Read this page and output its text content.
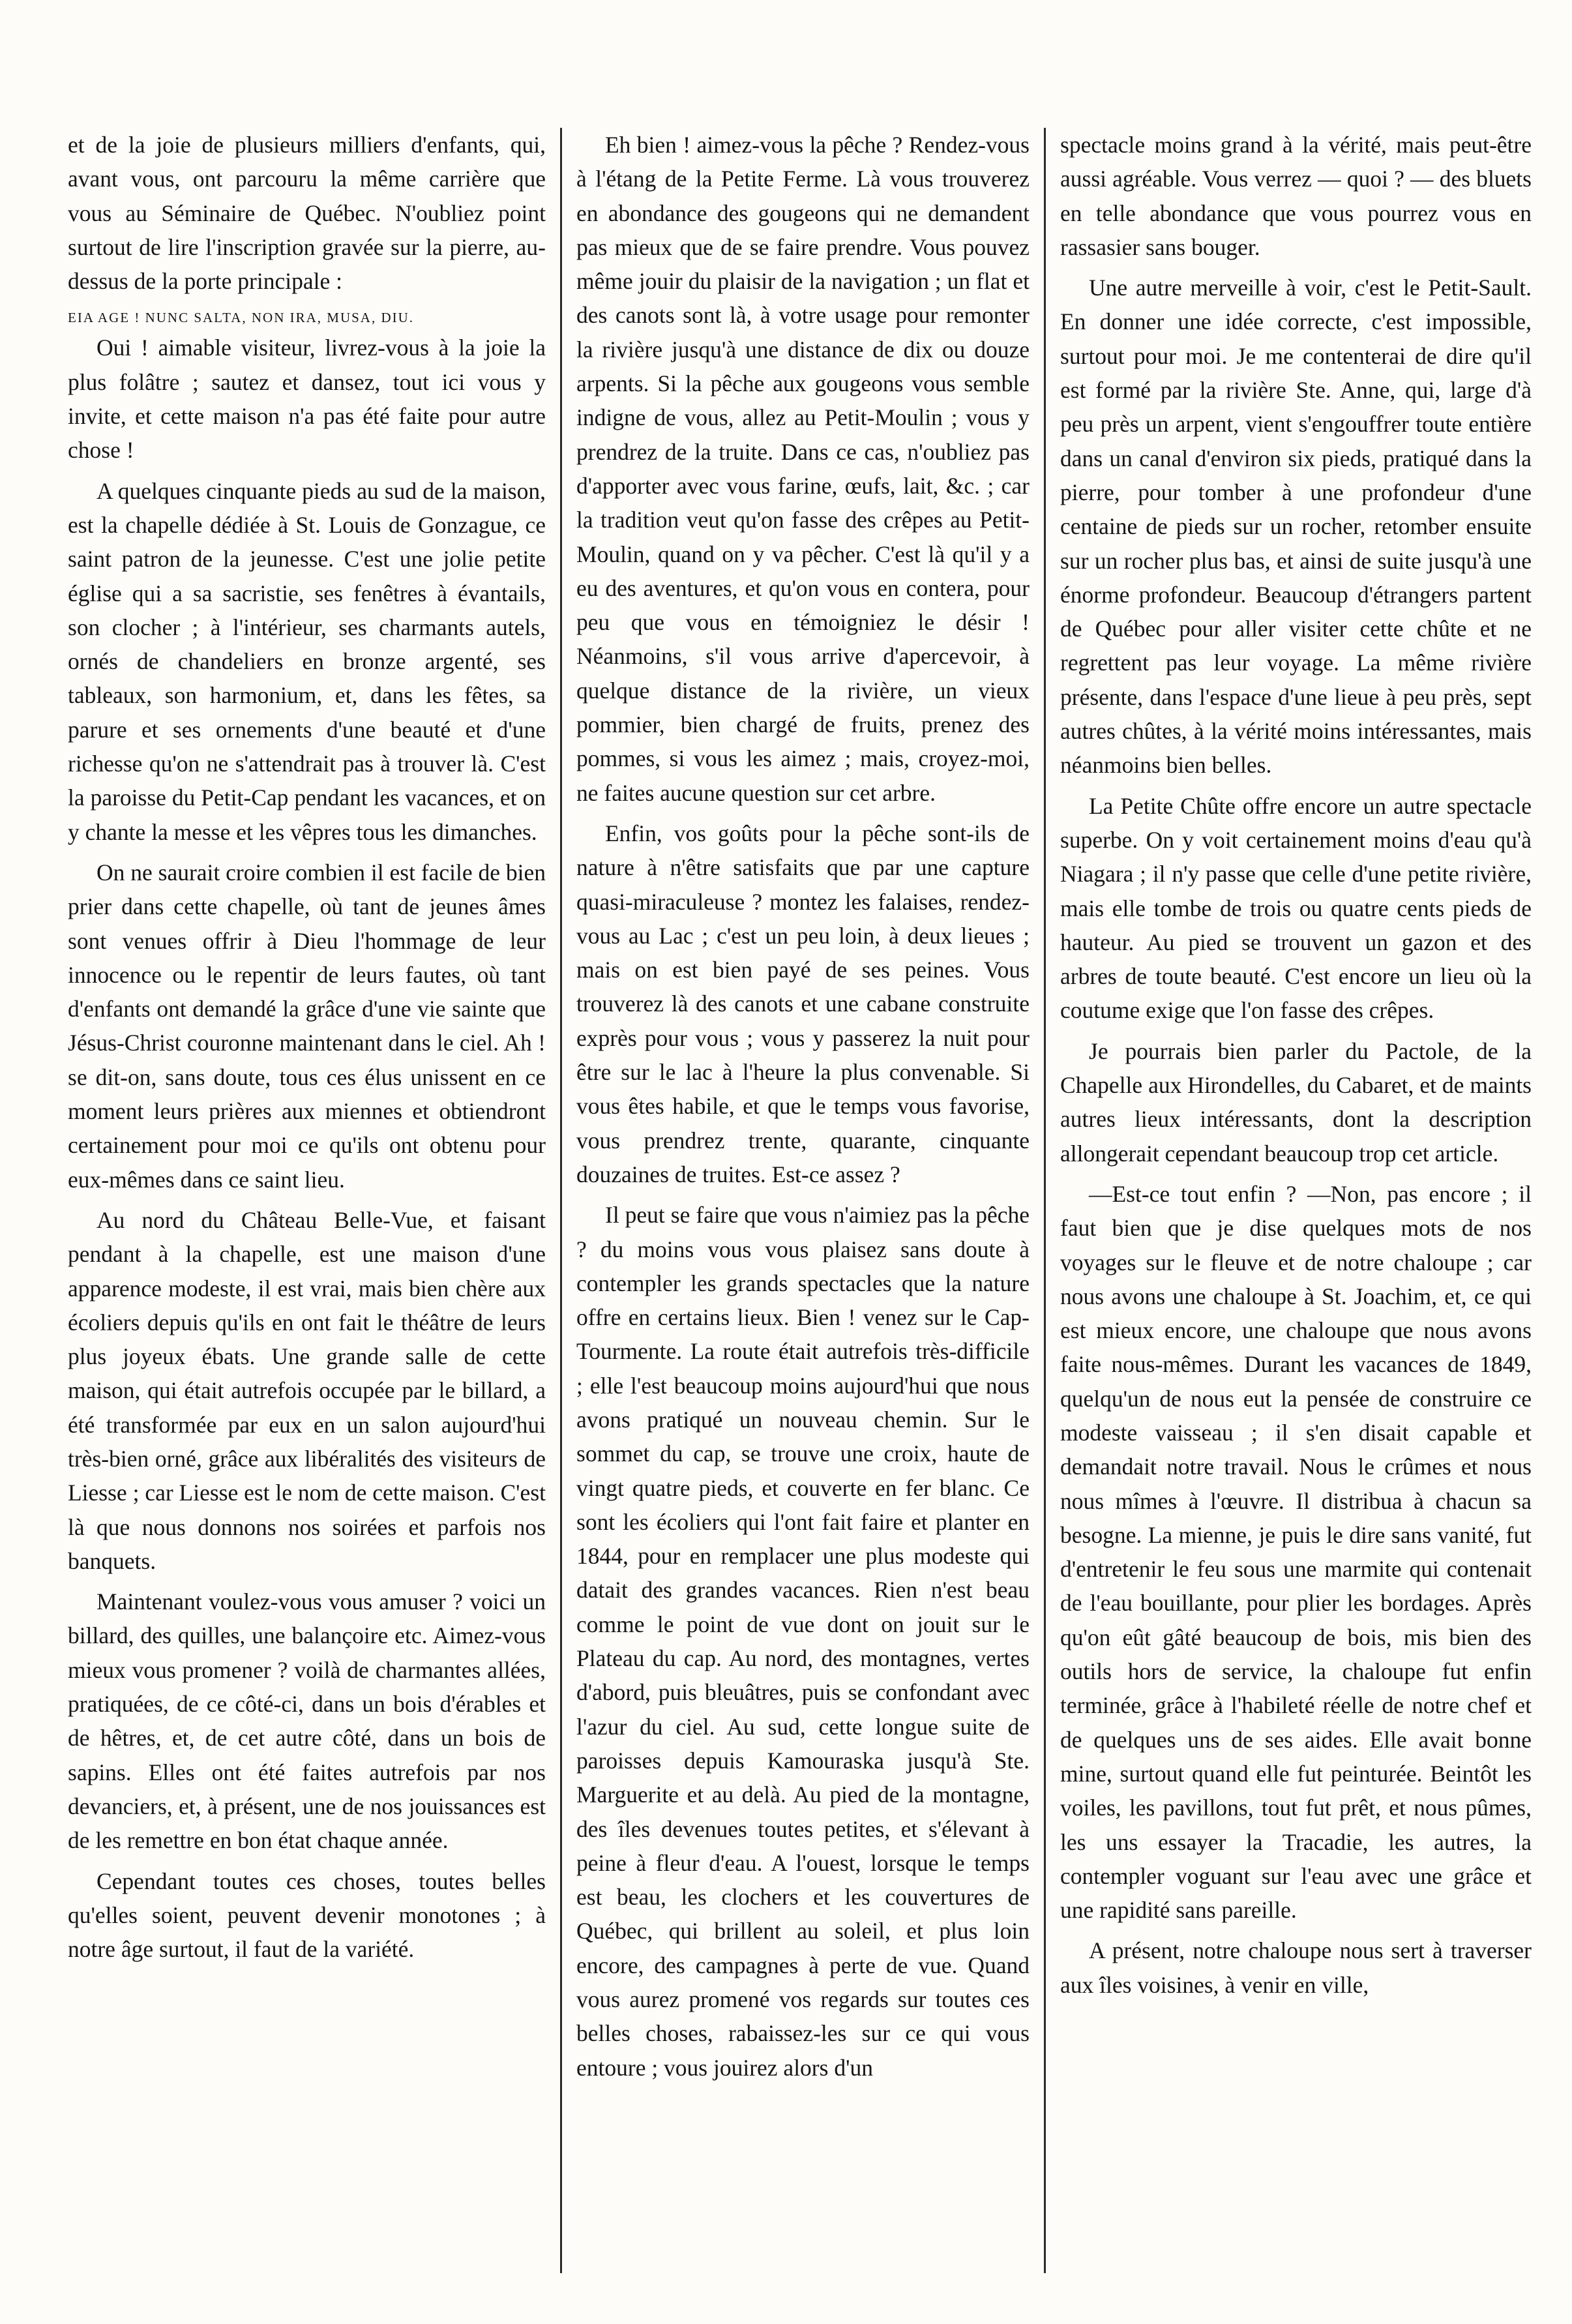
et de la joie de plusieurs milliers d'enfants, qui, avant vous, ont parcouru la même carrière que vous au Séminaire de Québec. N'oubliez point surtout de lire l'inscription gravée sur la pierre, au-dessus de la porte principale :

EIA AGE ! NUNC SALTA, NON IRA, MUSA, DIU.

Oui ! aimable visiteur, livrez-vous à la joie la plus folâtre ; sautez et dansez, tout ici vous y invite, et cette maison n'a pas été faite pour autre chose !

A quelques cinquante pieds au sud de la maison, est la chapelle dédiée à St. Louis de Gonzague, ce saint patron de la jeunesse. C'est une jolie petite église qui a sa sacristie, ses fenêtres à évantails, son clocher ; à l'intérieur, ses charmants autels, ornés de chandeliers en bronze argenté, ses tableaux, son harmonium, et, dans les fêtes, sa parure et ses ornements d'une beauté et d'une richesse qu'on ne s'attendrait pas à trouver là. C'est la paroisse du Petit-Cap pendant les vacances, et on y chante la messe et les vêpres tous les dimanches.

On ne saurait croire combien il est facile de bien prier dans cette chapelle, où tant de jeunes âmes sont venues offrir à Dieu l'hommage de leur innocence ou le repentir de leurs fautes, où tant d'enfants ont demandé la grâce d'une vie sainte que Jésus-Christ couronne maintenant dans le ciel. Ah ! se dit-on, sans doute, tous ces élus unissent en ce moment leurs prières aux miennes et obtiendront certainement pour moi ce qu'ils ont obtenu pour eux-mêmes dans ce saint lieu.

Au nord du Château Belle-Vue, et faisant pendant à la chapelle, est une maison d'une apparence modeste, il est vrai, mais bien chère aux écoliers depuis qu'ils en ont fait le théâtre de leurs plus joyeux ébats. Une grande salle de cette maison, qui était autrefois occupée par le billard, a été transformée par eux en un salon aujourd'hui très-bien orné, grâce aux libéralités des visiteurs de Liesse ; car Liesse est le nom de cette maison. C'est là que nous donnons nos soirées et parfois nos banquets.

Maintenant voulez-vous vous amuser ? voici un billard, des quilles, une balançoire etc. Aimez-vous mieux vous promener ? voilà de charmantes allées, pratiquées, de ce côté-ci, dans un bois d'érables et de hêtres, et, de cet autre côté, dans un bois de sapins. Elles ont été faites autrefois par nos devanciers, et, à présent, une de nos jouissances est de les remettre en bon état chaque année.

Cependant toutes ces choses, toutes belles qu'elles soient, peuvent devenir monotones ; à notre âge surtout, il faut de la variété.

Eh bien ! aimez-vous la pêche ? Rendez-vous à l'étang de la Petite Ferme. Là vous trouverez en abondance des gougeons qui ne demandent pas mieux que de se faire prendre. Vous pouvez même jouir du plaisir de la navigation ; un flat et des canots sont là, à votre usage pour remonter la rivière jusqu'à une distance de dix ou douze arpents. Si la pêche aux gougeons vous semble indigne de vous, allez au Petit-Moulin ; vous y prendrez de la truite. Dans ce cas, n'oubliez pas d'apporter avec vous farine, œufs, lait, &c. ; car la tradition veut qu'on fasse des crêpes au Petit-Moulin, quand on y va pêcher. C'est là qu'il y a eu des aventures, et qu'on vous en contera, pour peu que vous en témoigniez le désir ! Néanmoins, s'il vous arrive d'apercevoir, à quelque distance de la rivière, un vieux pommier, bien chargé de fruits, prenez des pommes, si vous les aimez ; mais, croyez-moi, ne faites aucune question sur cet arbre.

Enfin, vos goûts pour la pêche sont-ils de nature à n'être satisfaits que par une capture quasi-miraculeuse ? montez les falaises, rendez-vous au Lac ; c'est un peu loin, à deux lieues ; mais on est bien payé de ses peines. Vous trouverez là des canots et une cabane construite exprès pour vous ; vous y passerez la nuit pour être sur le lac à l'heure la plus convenable. Si vous êtes habile, et que le temps vous favorise, vous prendrez trente, quarante, cinquante douzaines de truites. Est-ce assez ?

Il peut se faire que vous n'aimiez pas la pêche ? du moins vous vous plaisez sans doute à contempler les grands spectacles que la nature offre en certains lieux. Bien ! venez sur le Cap-Tourmente. La route était autrefois très-difficile ; elle l'est beaucoup moins aujourd'hui que nous avons pratiqué un nouveau chemin. Sur le sommet du cap, se trouve une croix, haute de vingt quatre pieds, et couverte en fer blanc. Ce sont les écoliers qui l'ont fait faire et planter en 1844, pour en remplacer une plus modeste qui datait des grandes vacances. Rien n'est beau comme le point de vue dont on jouit sur le Plateau du cap. Au nord, des montagnes, vertes d'abord, puis bleuâtres, puis se confondant avec l'azur du ciel. Au sud, cette longue suite de paroisses depuis Kamouraska jusqu'à Ste. Marguerite et au delà. Au pied de la montagne, des îles devenues toutes petites, et s'élevant à peine à fleur d'eau. A l'ouest, lorsque le temps est beau, les clochers et les couvertures de Québec, qui brillent au soleil, et plus loin encore, des campagnes à perte de vue. Quand vous aurez promené vos regards sur toutes ces belles choses, rabaissez-les sur ce qui vous entoure ; vous jouirez alors d'un

spectacle moins grand à la vérité, mais peut-être aussi agréable. Vous verrez — quoi ? — des bluets en telle abondance que vous pourrez vous en rassasier sans bouger.

Une autre merveille à voir, c'est le Petit-Sault. En donner une idée correcte, c'est impossible, surtout pour moi. Je me contenterai de dire qu'il est formé par la rivière Ste. Anne, qui, large d'à peu près un arpent, vient s'engouffrer toute entière dans un canal d'environ six pieds, pratiqué dans la pierre, pour tomber à une profondeur d'une centaine de pieds sur un rocher, retomber ensuite sur un rocher plus bas, et ainsi de suite jusqu'à une énorme profondeur. Beaucoup d'étrangers partent de Québec pour aller visiter cette chûte et ne regrettent pas leur voyage. La même rivière présente, dans l'espace d'une lieue à peu près, sept autres chûtes, à la vérité moins intéressantes, mais néanmoins bien belles.

La Petite Chûte offre encore un autre spectacle superbe. On y voit certainement moins d'eau qu'à Niagara ; il n'y passe que celle d'une petite rivière, mais elle tombe de trois ou quatre cents pieds de hauteur. Au pied se trouvent un gazon et des arbres de toute beauté. C'est encore un lieu où la coutume exige que l'on fasse des crêpes.

Je pourrais bien parler du Pactole, de la Chapelle aux Hirondelles, du Cabaret, et de maints autres lieux intéressants, dont la description allongerait cependant beaucoup trop cet article.

—Est-ce tout enfin ? —Non, pas encore ; il faut bien que je dise quelques mots de nos voyages sur le fleuve et de notre chaloupe ; car nous avons une chaloupe à St. Joachim, et, ce qui est mieux encore, une chaloupe que nous avons faite nous-mêmes. Durant les vacances de 1849, quelqu'un de nous eut la pensée de construire ce modeste vaisseau ; il s'en disait capable et demandait notre travail. Nous le crûmes et nous nous mîmes à l'œuvre. Il distribua à chacun sa besogne. La mienne, je puis le dire sans vanité, fut d'entretenir le feu sous une marmite qui contenait de l'eau bouillante, pour plier les bordages. Après qu'on eût gâté beaucoup de bois, mis bien des outils hors de service, la chaloupe fut enfin terminée, grâce à l'habileté réelle de notre chef et de quelques uns de ses aides. Elle avait bonne mine, surtout quand elle fut peinturée. Beintôt les voiles, les pavillons, tout fut prêt, et nous pûmes, les uns essayer la Tracadie, les autres, la contempler voguant sur l'eau avec une grâce et une rapidité sans pareille.

A présent, notre chaloupe nous sert à traverser aux îles voisines, à venir en ville,
